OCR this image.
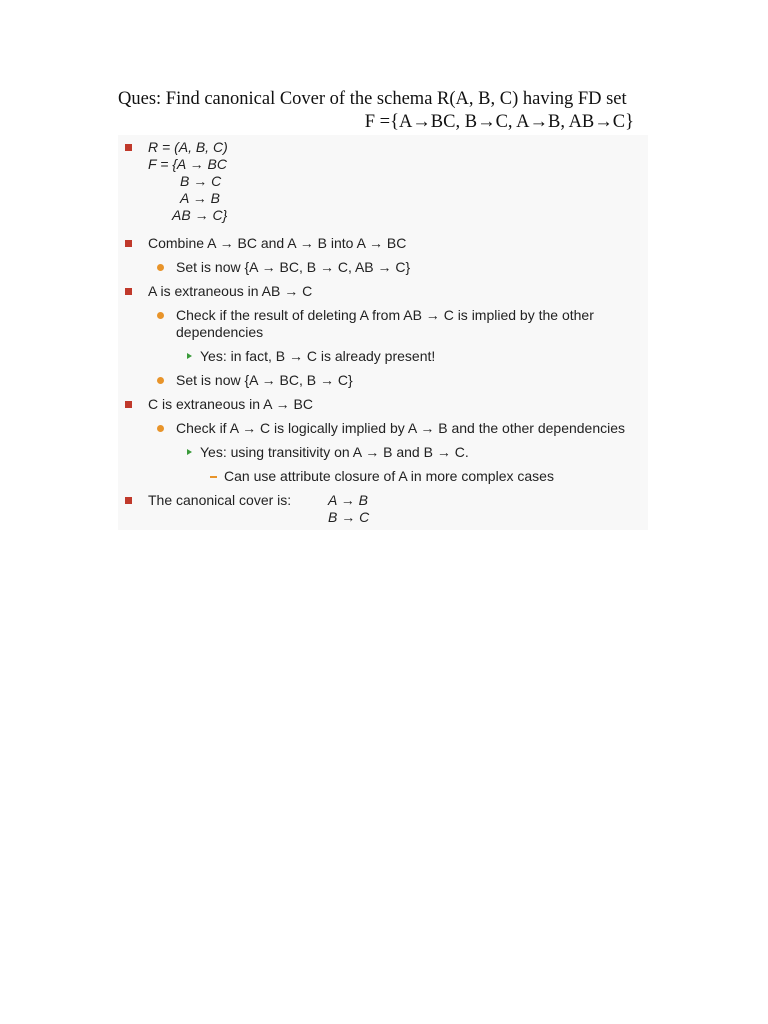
Ques: Find canonical Cover of the schema R(A, B, C) having FD set
F ={A→BC, B→C, A→B, AB→C}
R = (A, B, C)
F = {A → BC
B → C
A → B
AB → C}
Combine A → BC and A → B into A → BC
Set is now {A → BC, B → C, AB → C}
A is extraneous in AB → C
Check if the result of deleting A from AB → C is implied by the other
dependencies
Yes: in fact, B → C is already present!
Set is now {A → BC, B → C}
C is extraneous in A → BC
Check if A → C is logically implied by A → B and the other dependencies
Yes: using transitivity on A → B and B → C.
Can use attribute closure of A in more complex cases
The canonical cover is:	A → B
B → C
